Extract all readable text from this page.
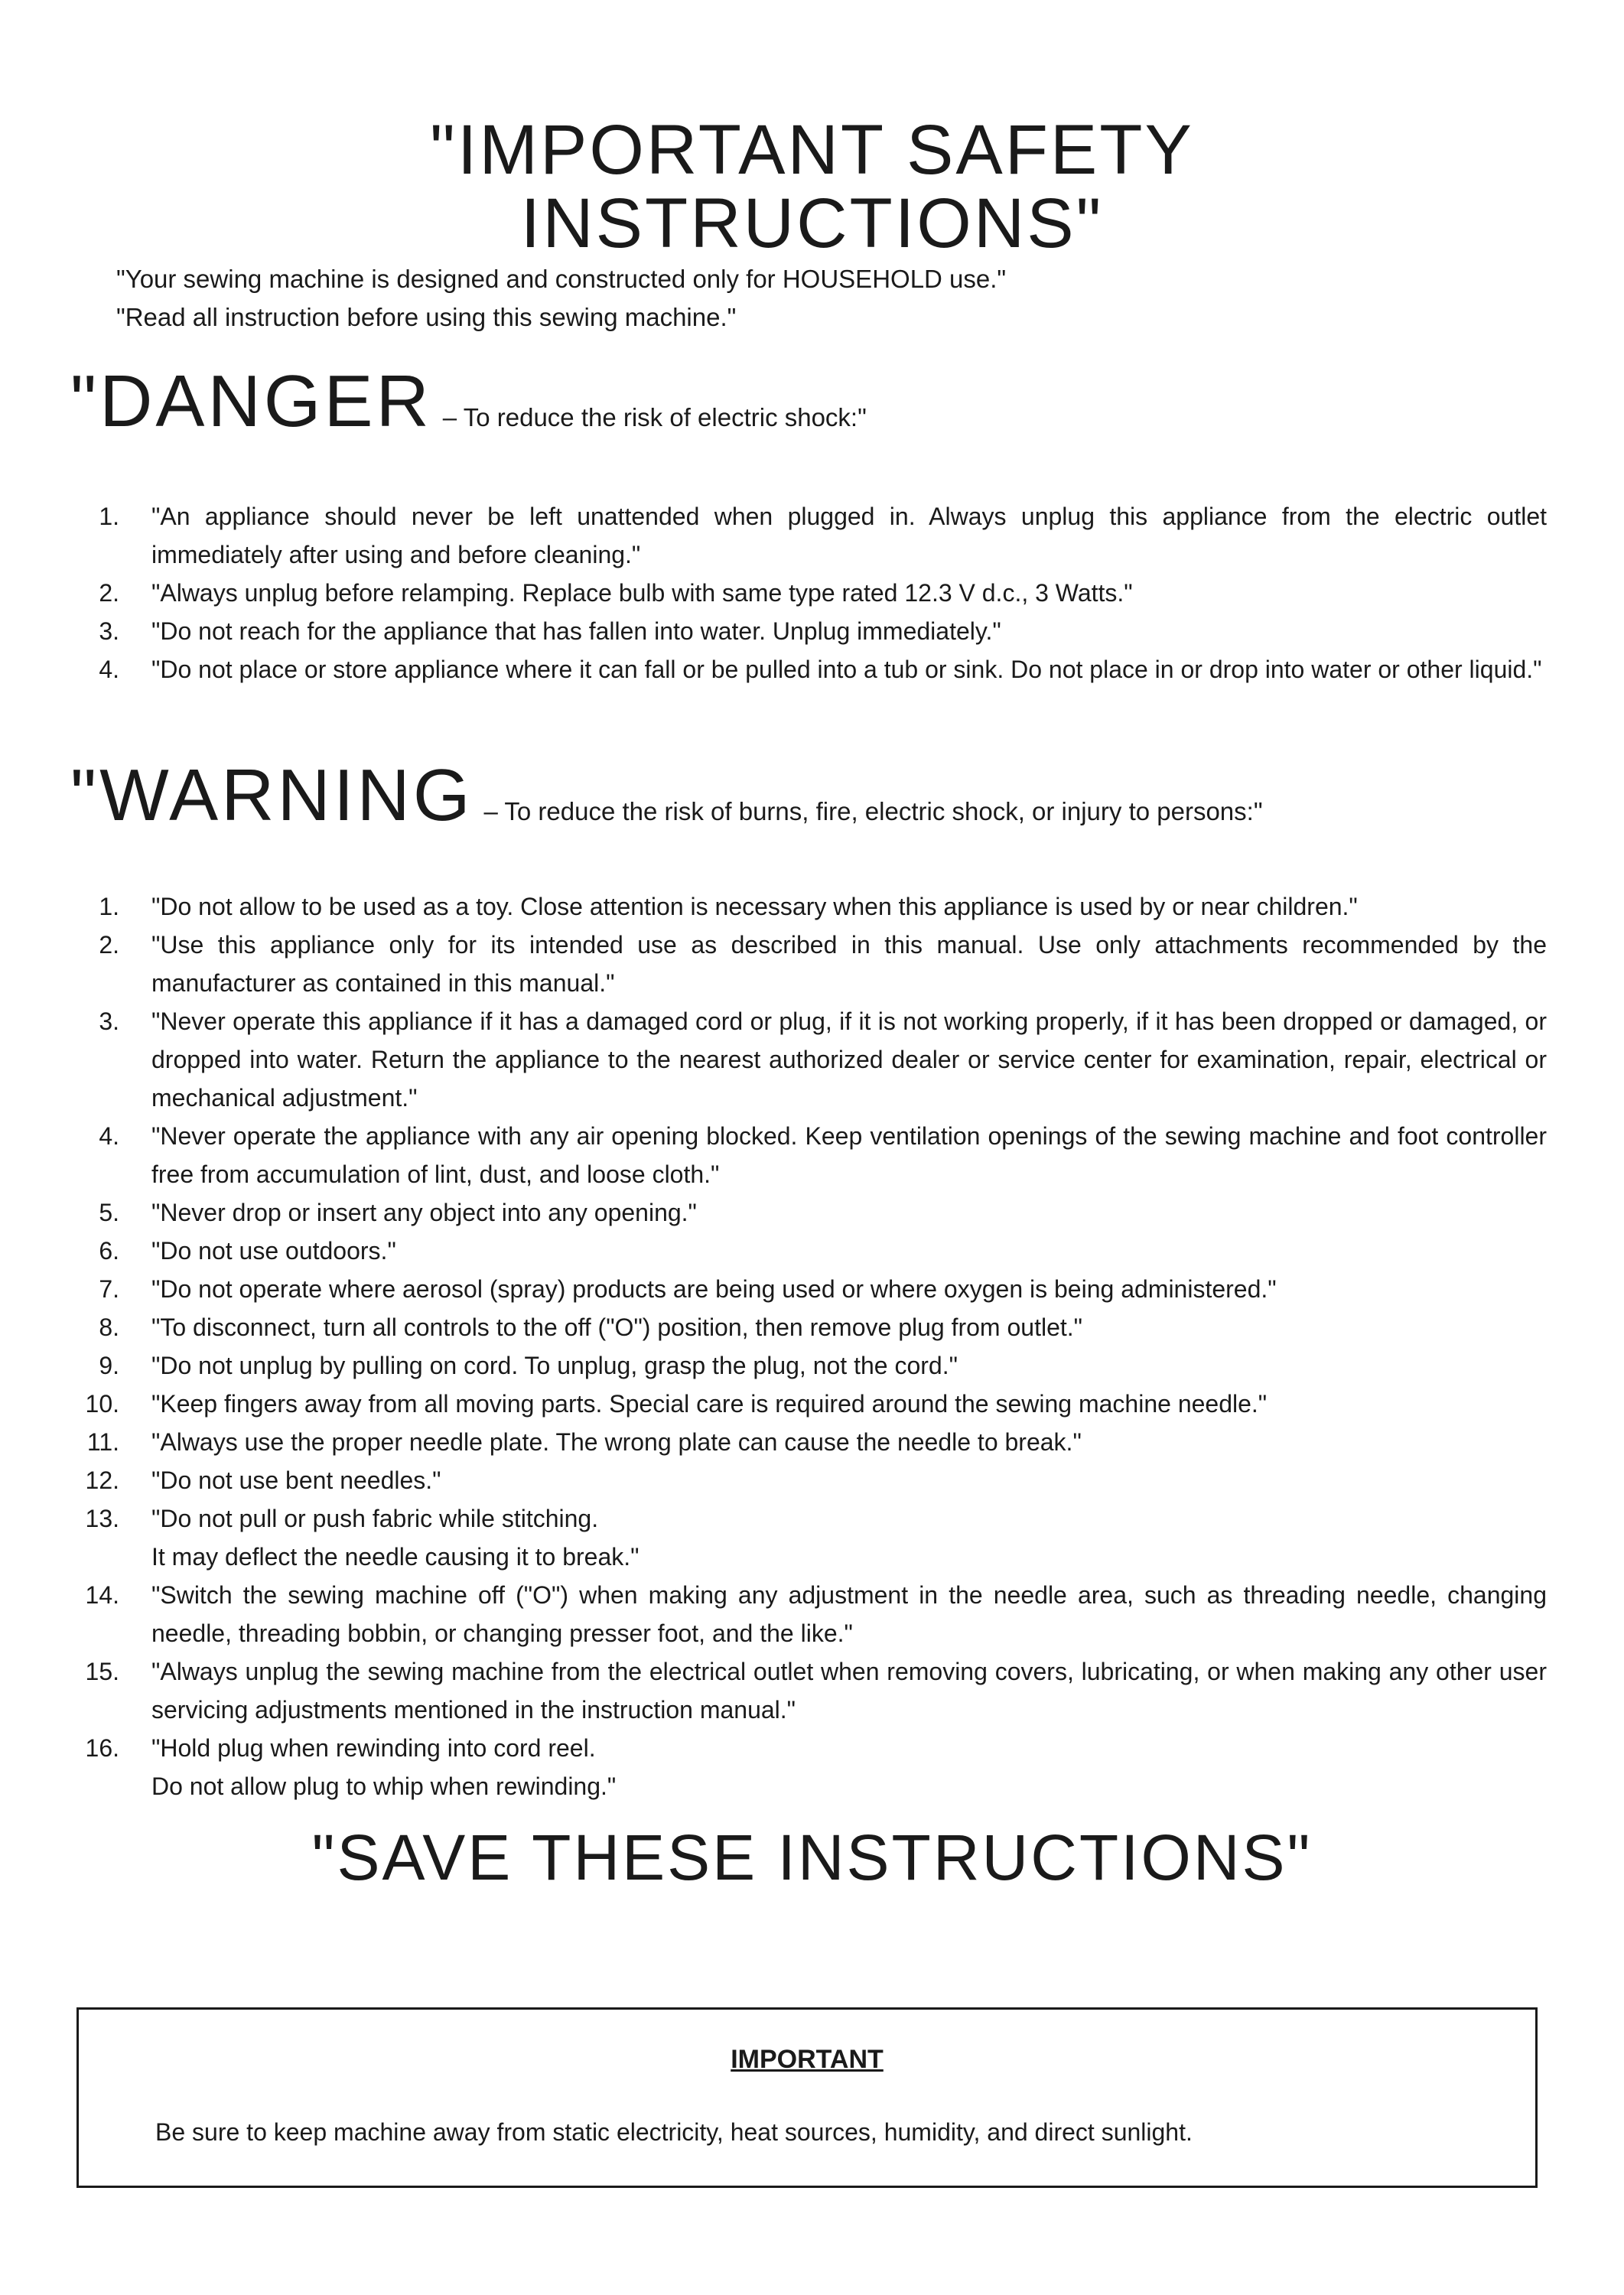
"IMPORTANT SAFETY
INSTRUCTIONS"
"Your sewing machine is designed and constructed only for HOUSEHOLD use."
"Read all instruction before using this sewing machine."
"DANGER – To reduce the risk of electric shock:"
1. "An appliance should never be left unattended when plugged in. Always unplug this appliance from the electric outlet immediately after using and before cleaning."
2. "Always unplug before relamping. Replace bulb with same type rated 12.3 V d.c., 3 Watts."
3. "Do not reach for the appliance that has fallen into water. Unplug immediately."
4. "Do not place or store appliance where it can fall or be pulled into a tub or sink. Do not place in or drop into water or other liquid."
"WARNING – To reduce the risk of burns, fire, electric shock, or injury to persons:"
1. "Do not allow to be used as a toy. Close attention is necessary when this appliance is used by or near children."
2. "Use this appliance only for its intended use as described in this manual. Use only attachments recommended by the manufacturer as contained in this manual."
3. "Never operate this appliance if it has a damaged cord or plug, if it is not working properly, if it has been dropped or damaged, or dropped into water. Return the appliance to the nearest authorized dealer or service center for examination, repair, electrical or mechanical adjustment."
4. "Never operate the appliance with any air opening blocked. Keep ventilation openings of the sewing machine and foot controller free from accumulation of lint, dust, and loose cloth."
5. "Never drop or insert any object into any opening."
6. "Do not use outdoors."
7. "Do not operate where aerosol (spray) products are being used or where oxygen is being administered."
8. "To disconnect, turn all controls to the off ("O") position, then remove plug from outlet."
9. "Do not unplug by pulling on cord. To unplug, grasp the plug, not the cord."
10. "Keep fingers away from all moving parts. Special care is required around the sewing machine needle."
11. "Always use the proper needle plate. The wrong plate can cause the needle to break."
12. "Do not use bent needles."
13. "Do not pull or push fabric while stitching.
It may deflect the needle causing it to break."
14. "Switch the sewing machine off ("O") when making any adjustment in the needle area, such as threading needle, changing needle, threading bobbin, or changing presser foot, and the like."
15. "Always unplug the sewing machine from the electrical outlet when removing covers, lubricating, or when making any other user servicing adjustments mentioned in the instruction manual."
16. "Hold plug when rewinding into cord reel.
Do not allow plug to whip when rewinding."
"SAVE THESE INSTRUCTIONS"
IMPORTANT
Be sure to keep machine away from static electricity, heat sources, humidity, and direct sunlight.
